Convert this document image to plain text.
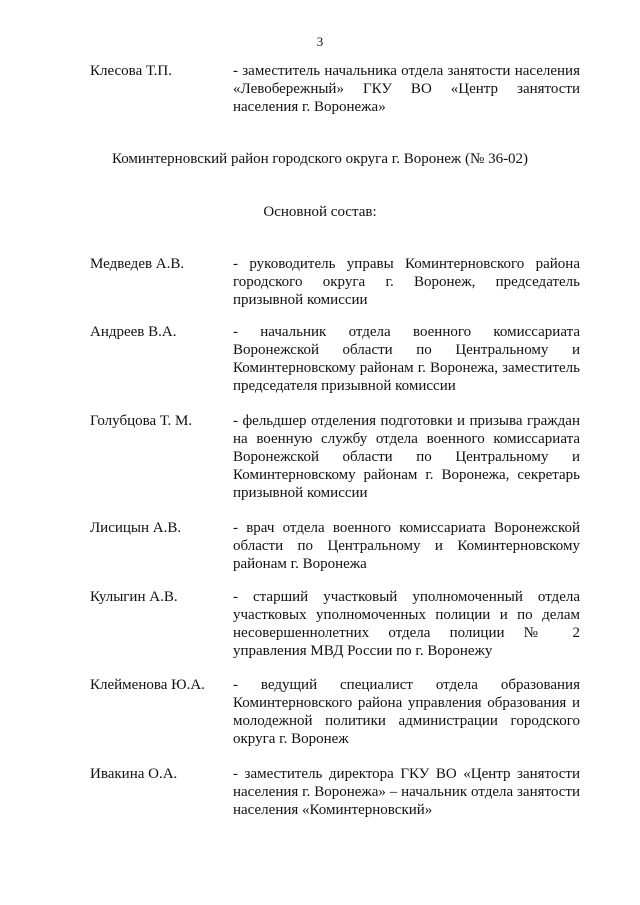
3
Клесова Т.П.	- заместитель начальника отдела занятости населения «Левобережный» ГКУ ВО «Центр занятости населения г. Воронежа»
Коминтерновский район городского округа г. Воронеж (№ 36-02)
Основной состав:
Медведев А.В.	- руководитель управы Коминтерновского района городского округа г. Воронеж, председатель призывной комиссии
Андреев В.А.	- начальник отдела военного комиссариата Воронежской области по Центральному и Коминтерновскому районам г. Воронежа, заместитель председателя призывной комиссии
Голубцова Т. М.	- фельдшер отделения подготовки и призыва граждан на военную службу отдела военного комиссариата Воронежской области по Центральному и Коминтерновскому районам г. Воронежа, секретарь призывной комиссии
Лисицын А.В.	- врач отдела военного комиссариата Воронежской области по Центральному и Коминтерновскому районам г. Воронежа
Кулыгин А.В.	- старший участковый уполномоченный отдела участковых уполномоченных полиции и по делам несовершеннолетних отдела полиции № 2 управления МВД России по г. Воронежу
Клейменова Ю.А. - ведущий специалист отдела образования Коминтерновского района управления образования и молодежной политики администрации городского округа г. Воронеж
Ивакина О.А.	- заместитель директора ГКУ ВО «Центр занятости населения г. Воронежа» – начальник отдела занятости населения «Коминтерновский»
